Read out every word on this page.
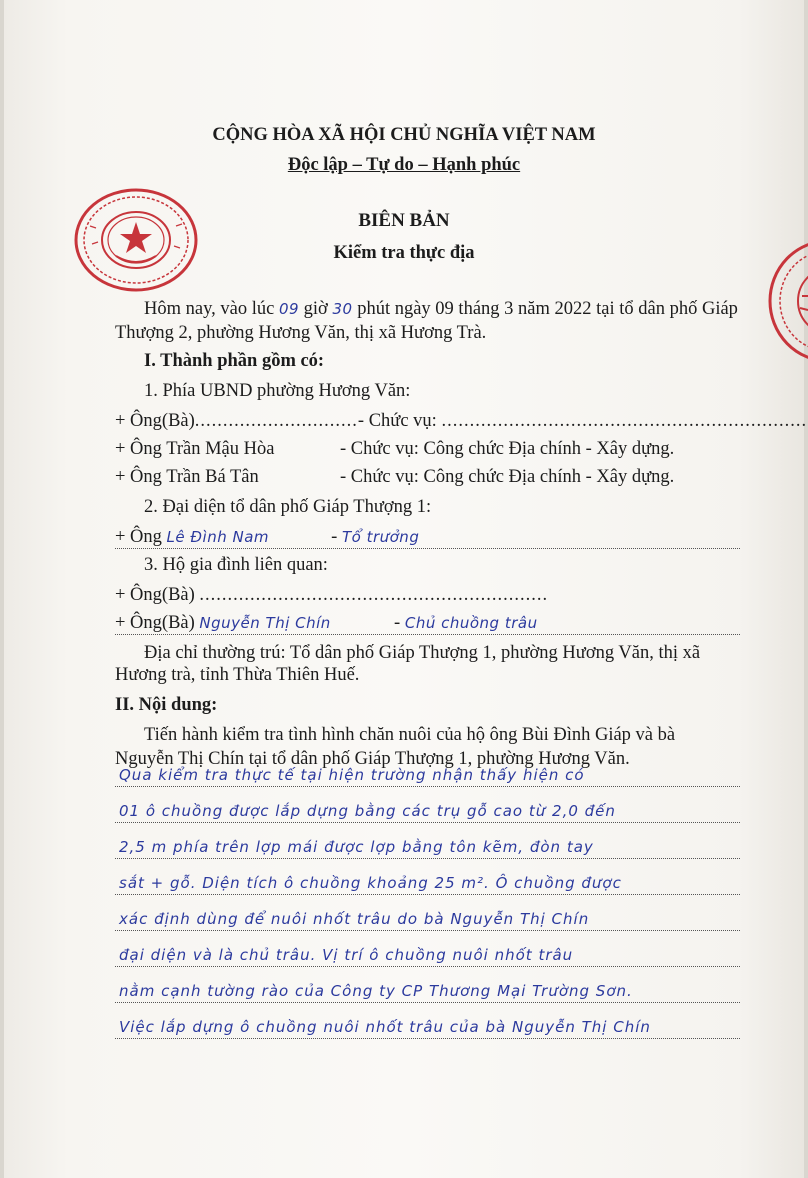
CỘNG HÒA XÃ HỘI CHỦ NGHĨA VIỆT NAM
Độc lập – Tự do – Hạnh phúc
BIÊN BẢN
Kiểm tra thực địa
Hôm nay, vào lúc 09 giờ 30 phút ngày 09 tháng 3 năm 2022 tại tổ dân phố Giáp
Thượng 2, phường Hương Văn, thị xã Hương Trà.
I. Thành phần gồm có:
1. Phía UBND phường Hương Văn:
+ Ông(Bà).............................- Chức vụ: .................................................................
+ Ông Trần Mậu Hòa	- Chức vụ: Công chức Địa chính - Xây dựng.
+ Ông Trần Bá Tân	- Chức vụ: Công chức Địa chính - Xây dựng.
2. Đại diện tổ dân phố Giáp Thượng 1:
+ Ông Lê Đình Nam	- Tổ trưởng
3. Hộ gia đình liên quan:
+ Ông(Bà) ..............................................................
+ Ông(Bà) Nguyễn Thị Chín	- Chủ chuồng trâu
Địa chỉ thường trú: Tổ dân phố Giáp Thượng 1, phường Hương Văn, thị xã
Hương trà, tỉnh Thừa Thiên Huế.
II. Nội dung:
Tiến hành kiểm tra tình hình chăn nuôi của hộ ông Bùi Đình Giáp và bà
Nguyễn Thị Chín tại tổ dân phố Giáp Thượng 1, phường Hương Văn.
Qua kiểm tra thực tế tại hiện trường nhận thấy hiện có
01 ô chuồng được lắp dựng bằng các trụ gỗ cao từ 2,0 đến
2,5 m phía trên lợp mái được lợp bằng tôn kẽm, đòn tay
sắt + gỗ. Diện tích ô chuồng khoảng 25 m². Ô chuồng được
xác định dùng để nuôi nhốt trâu do bà Nguyễn Thị Chín
đại diện và là chủ trâu. Vị trí ô chuồng nuôi nhốt trâu
nằm cạnh tường rào của Công ty CP Thương Mại Trường Sơn.
Việc lắp dựng ô chuồng nuôi nhốt trâu của bà Nguyễn Thị Chín
